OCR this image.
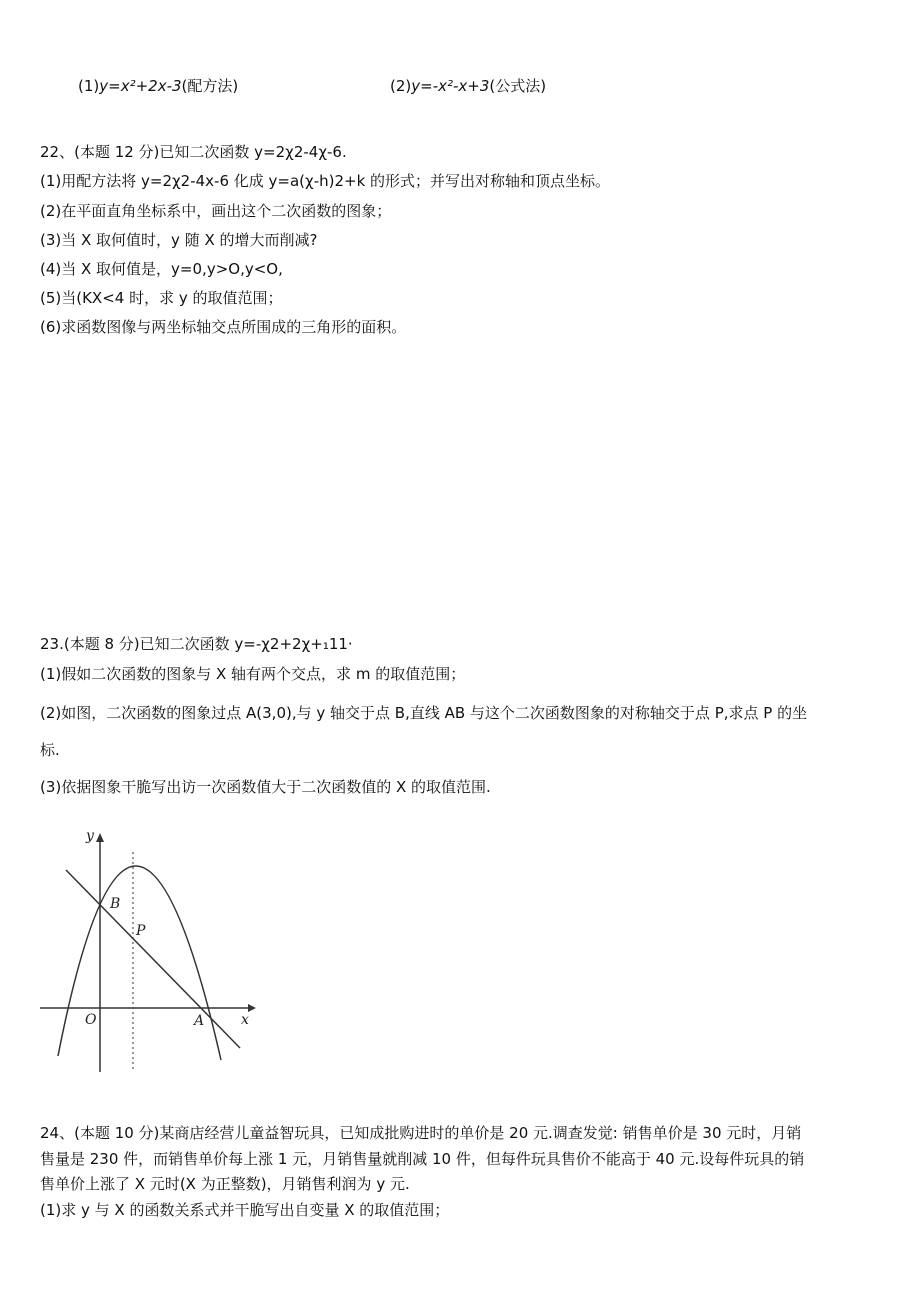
(1)y=x²+2x-3(配方法)	(2)y=-x²-x+3(公式法)
22、(本题 12 分)已知二次函数 y=2χ2-4χ-6.
(1)用配方法将 y=2χ2-4x-6 化成 y=a(χ-h)2+k 的形式；并写出对称轴和顶点坐标。
(2)在平面直角坐标系中，画出这个二次函数的图象；
(3)当 X 取何值时，y 随 X 的增大而削减?
(4)当 X 取何值是，y=0,y>O,y<O,
(5)当(KX<4 时，求 y 的取值范围；
(6)求函数图像与两坐标轴交点所围成的三角形的面积。
23.(本题 8 分)已知二次函数 y=-χ2+2χ+₁11·
(1)假如二次函数的图象与 X 轴有两个交点，求 m 的取值范围；
(2)如图，二次函数的图象过点 A(3,0),与 y 轴交于点 B,直线 AB 与这个二次函数图象的对称轴交于点 P,求点 P 的坐
标.
(3)依据图象干脆写出访一次函数值大于二次函数值的 X 的取值范围.
y
x
O	A
B
P
24、(本题 10 分)某商店经营儿童益智玩具，已知成批购进时的单价是 20 元.调查发觉: 销售单价是 30 元时，月销
售量是 230 件，而销售单价每上涨 1 元，月销售量就削减 10 件，但每件玩具售价不能高于 40 元.设每件玩具的销
售单价上涨了 X 元时(X 为正整数)，月销售利润为 y 元.
(1)求 y 与 X 的函数关系式并干脆写出自变量 X 的取值范围；
